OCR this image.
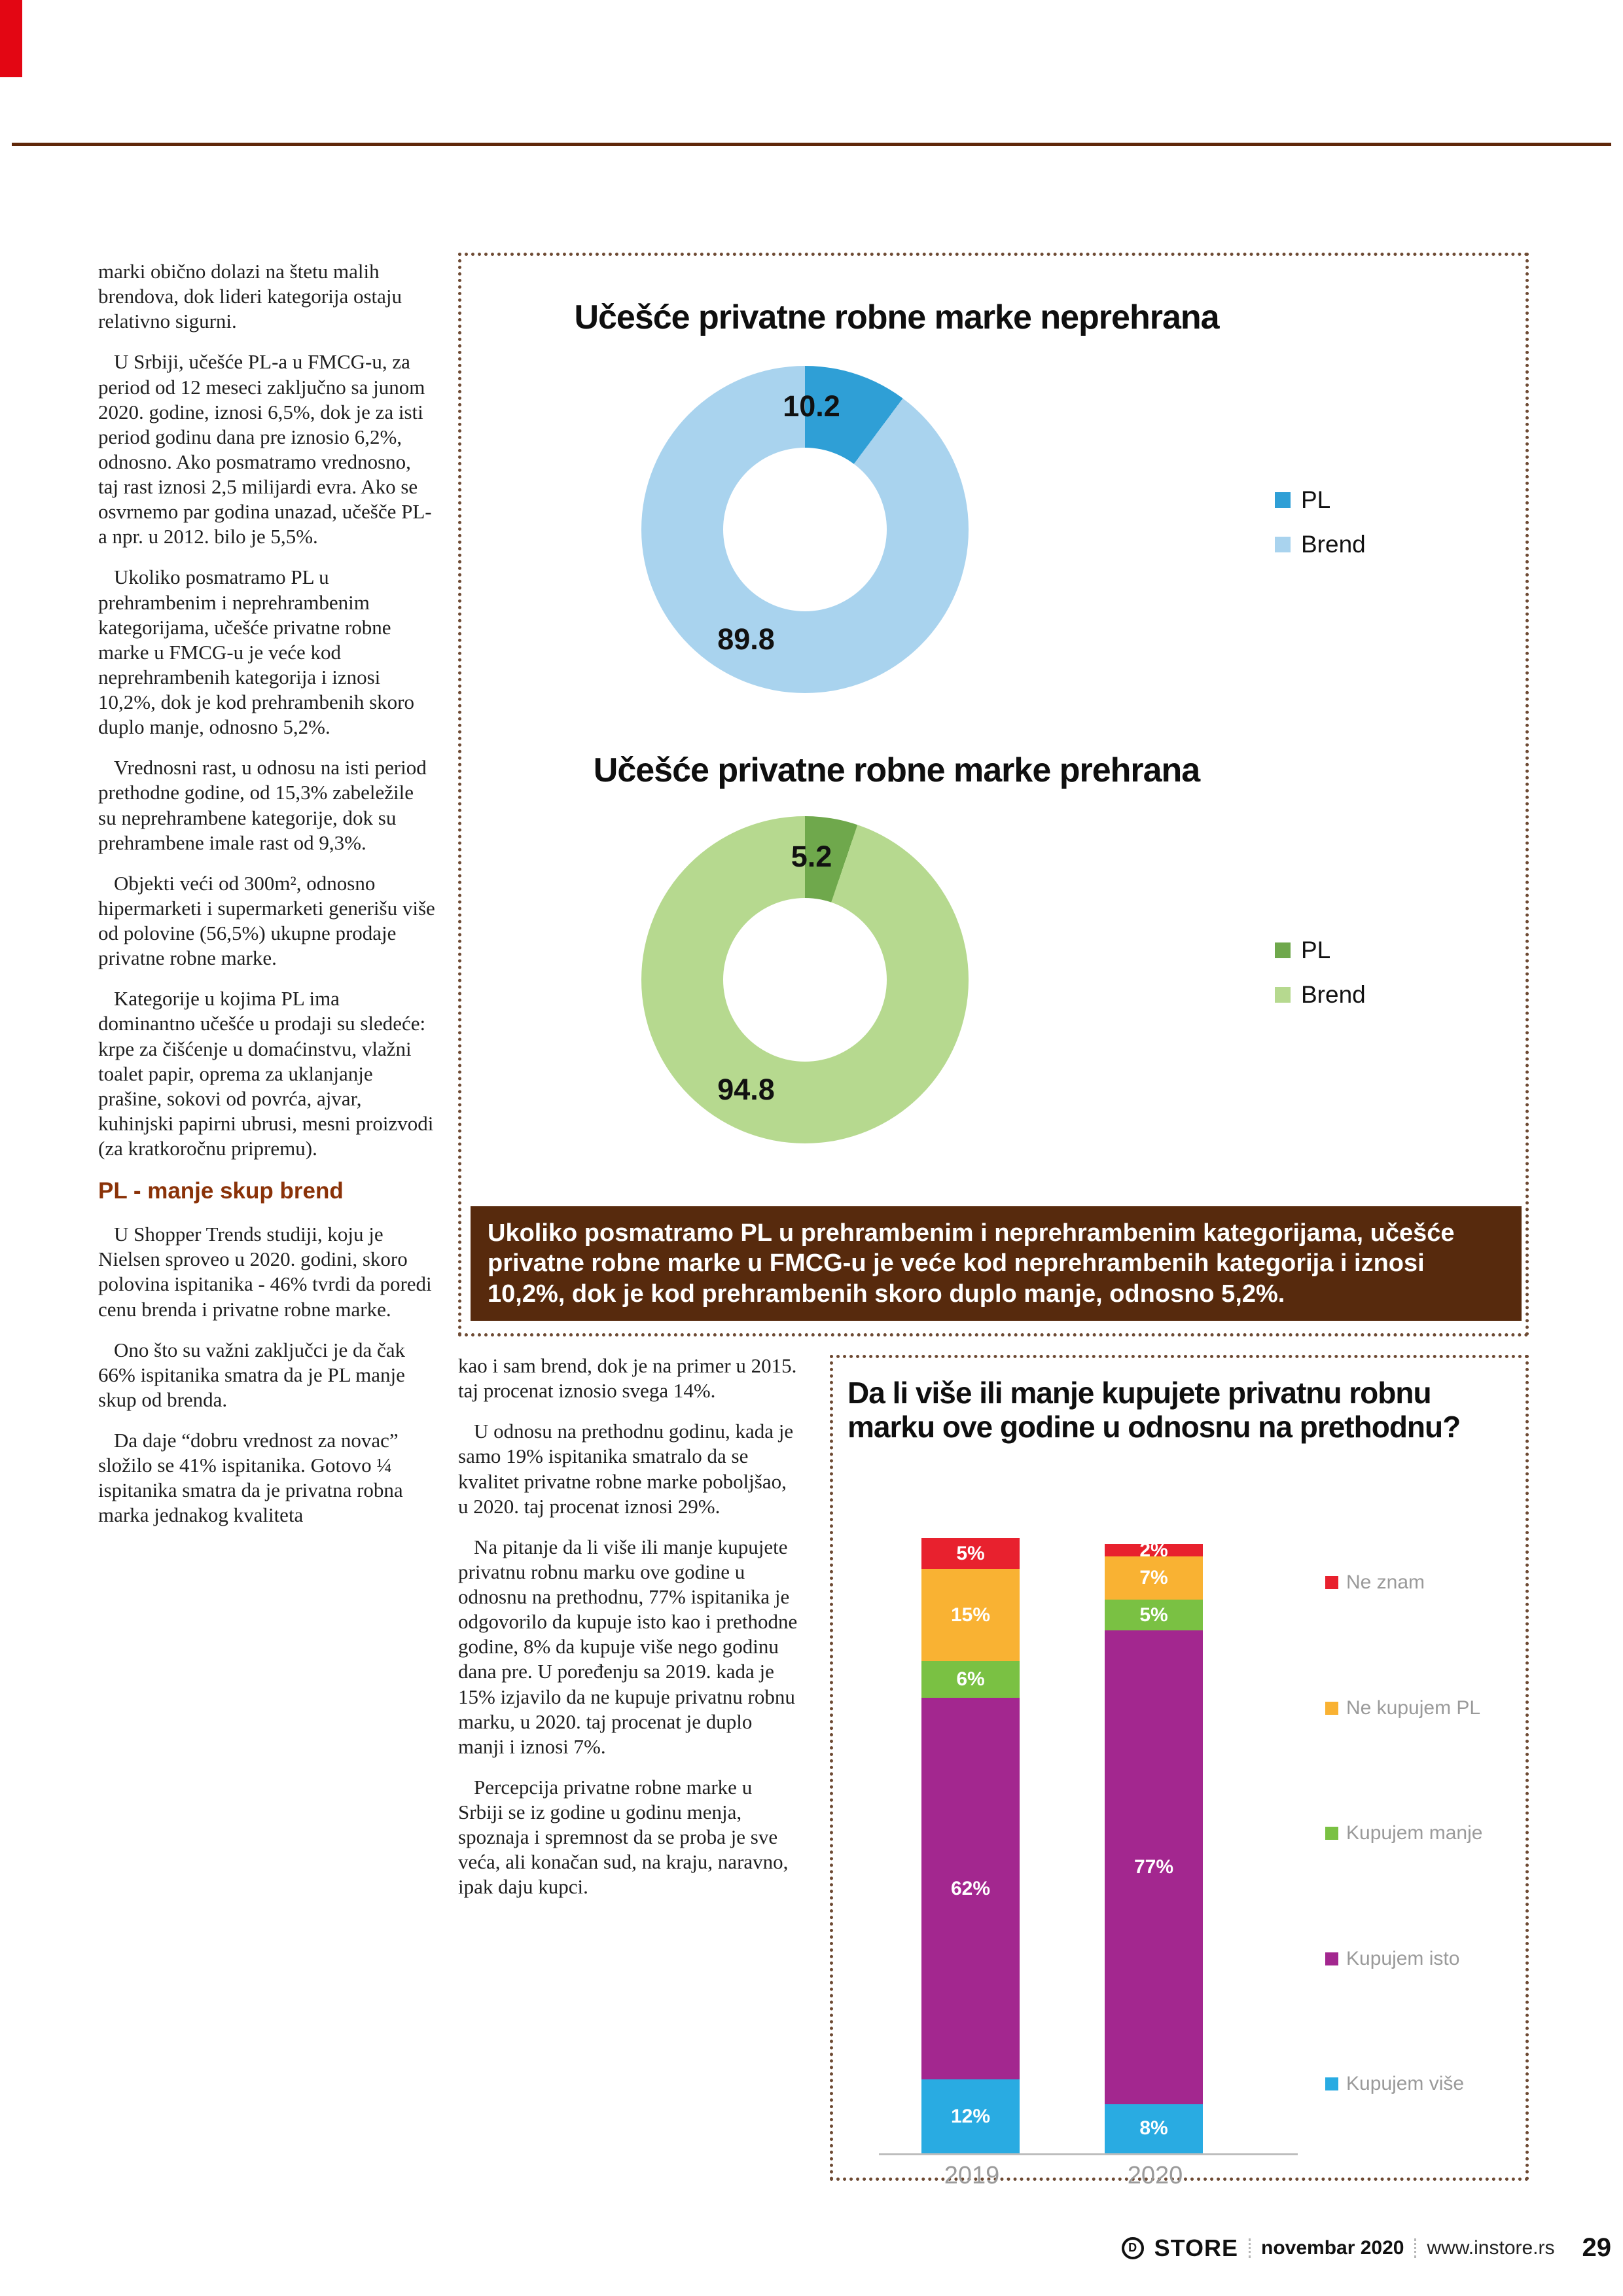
marki obično dolazi na štetu malih brendova, dok lideri kategorija ostaju relativno sigurni.

U Srbiji, učešće PL-a u FMCG-u, za period od 12 meseci zaključno sa junom 2020. godine, iznosi 6,5%, dok je za isti period godinu dana pre iznosio 6,2%, odnosno. Ako posmatramo vrednosno, taj rast iznosi 2,5 milijardi evra. Ako se osvrnemo par godina unazad, učešče PL-a npr. u 2012. bilo je 5,5%.

Ukoliko posmatramo PL u prehrambenim i neprehrambenim kategorijama, učešće privatne robne marke u FMCG-u je veće kod neprehrambenih kategorija i iznosi 10,2%, dok je kod prehrambenih skoro duplo manje, odnosno 5,2%.

Vrednosni rast, u odnosu na isti period prethodne godine, od 15,3% zabeležile su neprehrambene kategorije, dok su prehrambene imale rast od 9,3%.

Objekti veći od 300m², odnosno hipermarketi i supermarketi generišu više od polovine (56,5%) ukupne prodaje privatne robne marke.

Kategorije u kojima PL ima dominantno učešće u prodaji su sledeće: krpe za čišćenje u domaćinstvu, vlažni toalet papir, oprema za uklanjanje prašine, sokovi od povrća, ajvar, kuhinjski papirni ubrusi, mesni proizvodi (za kratkoročnu pripremu).

PL - manje skup brend

U Shopper Trends studiji, koju je Nielsen sproveo u 2020. godini, skoro polovina ispitanika - 46% tvrdi da poredi cenu brenda i privatne robne marke.

Ono što su važni zaključci je da čak 66% ispitanika smatra da je PL manje skup od brenda.

Da daje “dobru vrednost za novac” složilo se 41% ispitanika. Gotovo ¼ ispitanika smatra da je privatna robna marka jednakog kvaliteta

Učešće privatne robne marke neprehrana
10.2
89.8
PL
Brend
Učešće privatne robne marke prehrana
5.2
94.8
PL
Brend
Ukoliko posmatramo PL u prehrambenim i neprehrambenim kategorijama, učešće privatne robne marke u FMCG-u je veće kod neprehrambenih kategorija i iznosi 10,2%, dok je kod prehrambenih skoro duplo manje, odnosno 5,2%.

kao i sam brend, dok je na primer u 2015. taj procenat iznosio svega 14%.

U odnosu na prethodnu godinu, kada je samo 19% ispitanika smatralo da se kvalitet privatne robne marke poboljšao, u 2020. taj procenat iznosi 29%.

Na pitanje da li više ili manje kupujete privatnu robnu marku ove godine u odnosnu na prethodnu, 77% ispitanika je odgovorilo da kupuje isto kao i prethodne godine, 8% da kupuje više nego godinu dana pre. U poređenju sa 2019. kada je 15% izjavilo da ne kupuje privatnu robnu marku, u 2020. taj procenat je duplo manji i iznosi 7%.

Percepcija privatne robne marke u Srbiji se iz godine u godinu menja, spoznaja i spremnost da se proba je sve veća, ali konačan sud, na kraju, naravno, ipak daju kupci.

Da li više ili manje kupujete privatnu robnu marku ove godine u odnosnu na prethodnu?
12%
62%
6%
15%
5%
8%
77%
5%
7%
2%
2019	2020
Ne znam
Ne kupujem PL
Kupujem manje
Kupujem isto
Kupujem više
D STORE novembar 2020 www.instore.rs 29
